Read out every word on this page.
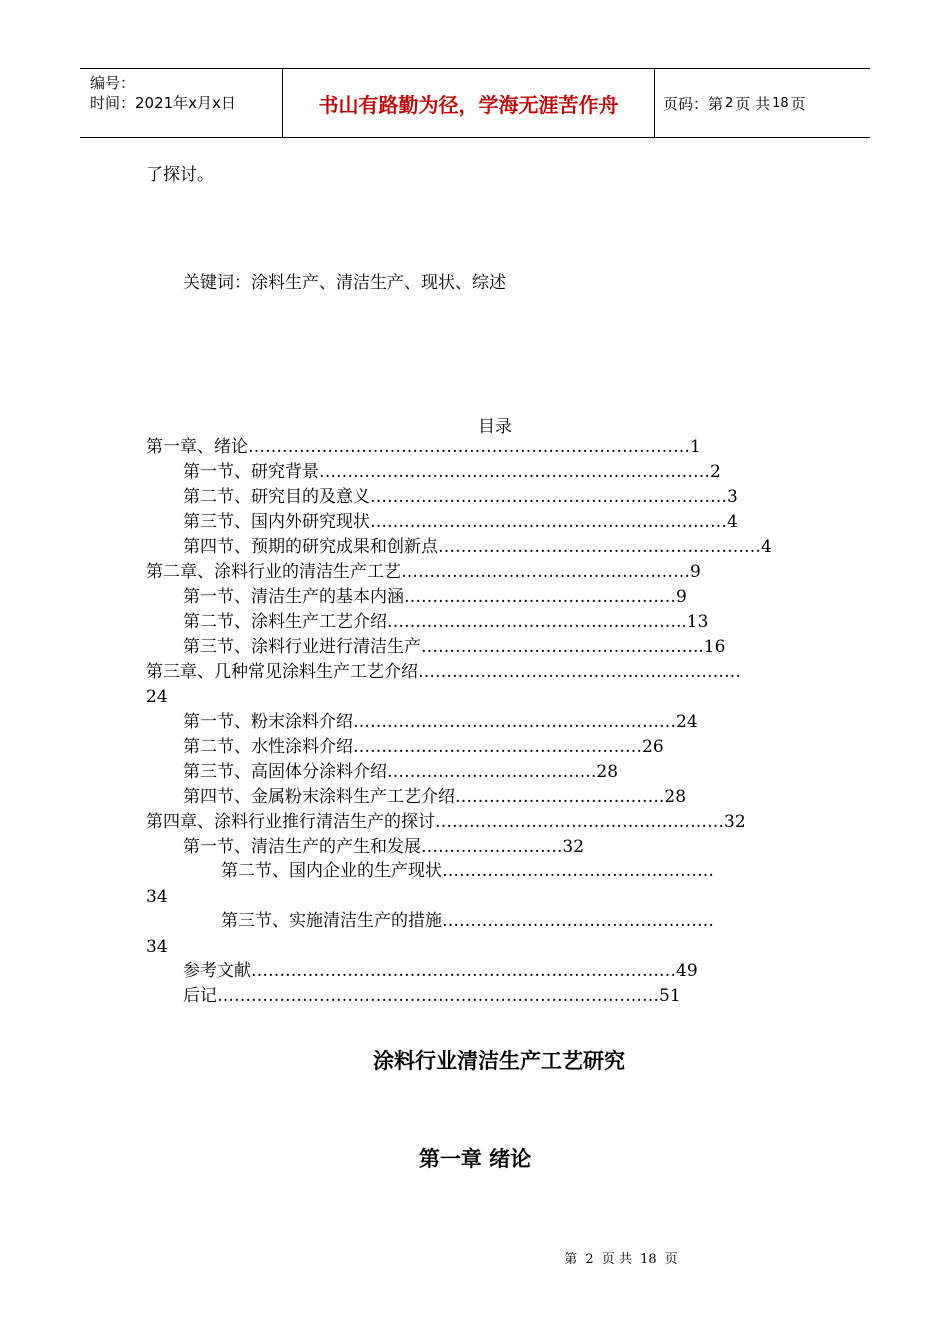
编号：
时间：2021年x月x日	书山有路勤为径，学海无涯苦作舟	页码：第 2 页 共 18 页
了探讨。
关键词：涂料生产、清洁生产、现状、综述
目录
第一章、绪论……………………………………………………………………1
第一节、研究背景……………………………………………………………2
第二节、研究目的及意义………………………………………………………3
第三节、国内外研究现状………………………………………………………4
第四节、预期的研究成果和创新点…………………………………………………4
第二章、涂料行业的清洁生产工艺……………………………………………9
第一节、清洁生产的基本内涵…………………………………………9
第二节、涂料生产工艺介绍……………………………………………..13
第三节、涂料行业进行清洁生产…………………………………………..16
第三章、几种常见涂料生产工艺介绍…………………………………………………
24
第一节、粉末涂料介绍…………………………………………………24
第二节、水性涂料介绍……………………………………………26
第三节、高固体分涂料介绍……………………………….28
第四节、金属粉末涂料生产工艺介绍……………………………….28
第四章、涂料行业推行清洁生产的探讨……………………………………………32
第一节、清洁生产的产生和发展…………………….32
第二节、国内企业的生产现状…………………………………………
34
第三节、实施清洁生产的措施…………………………………………
34
参考文献…………………………………………………………………49
后记……………………………………………………………………51
涂料行业清洁生产工艺研究
第一章 绪论
第 2 页 共 18 页
